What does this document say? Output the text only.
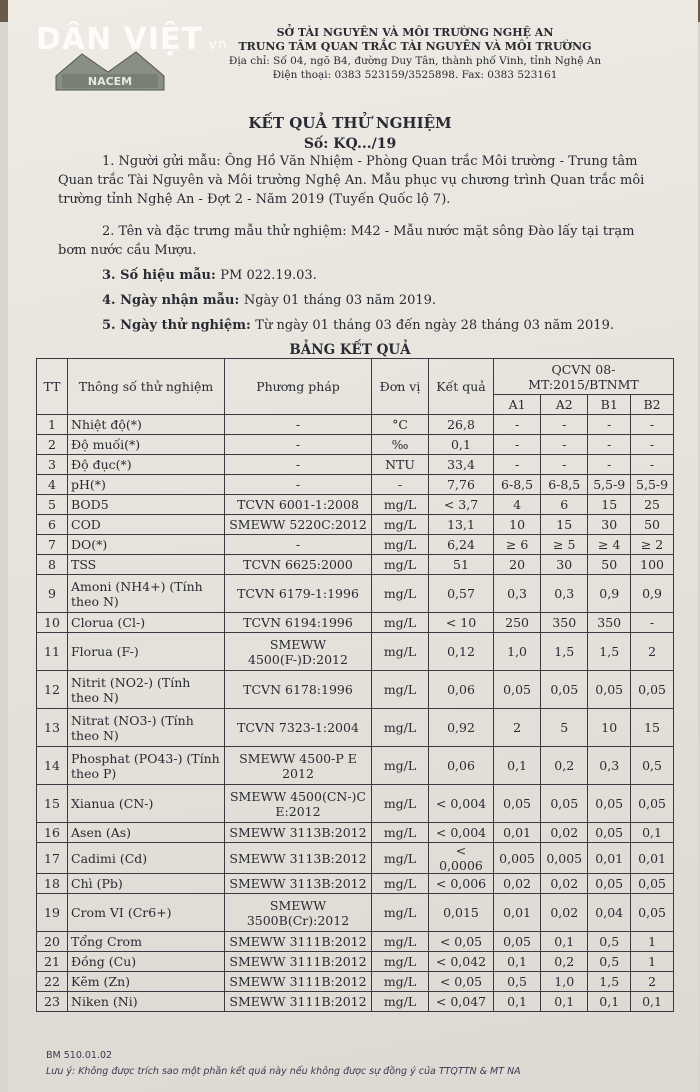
DÂN VIỆT.vn
NACEM
SỞ TÀI NGUYÊN VÀ MÔI TRƯỜNG NGHỆ AN
TRUNG TÂM QUAN TRẮC TÀI NGUYÊN VÀ MÔI TRƯỜNG
Địa chỉ: Số 04, ngõ B4, đường Duy Tân, thành phố Vinh, tỉnh Nghệ An
Điện thoại: 0383 523159/3525898. Fax: 0383 523161
KẾT QUẢ THỬ NGHIỆM
Số: KQ.../19
1. Người gửi mẫu: Ông Hồ Văn Nhiệm - Phòng Quan trắc Môi trường - Trung tâm Quan trắc Tài Nguyên và Môi trường Nghệ An. Mẫu phục vụ chương trình Quan trắc môi trường tỉnh Nghệ An - Đợt 2 - Năm 2019 (Tuyến Quốc lộ 7).
2. Tên và đặc trưng mẫu thử nghiệm: M42 - Mẫu nước mặt sông Đào lấy tại trạm bơm nước cầu Mượu.
3. Số hiệu mẫu: PM 022.19.03.
4. Ngày nhận mẫu: Ngày 01 tháng 03 năm 2019.
5. Ngày thử nghiệm: Từ ngày 01 tháng 03 đến ngày 28 tháng 03 năm 2019.
BẢNG KẾT QUẢ
TT	Thông số thử nghiệm	Phương pháp	Đơn vị	Kết quả	QCVN 08-MT:2015/BTNMT			
					A1	A2	B1	B2
1	Nhiệt độ(*)	-	°C	26,8	-	-	-	-
2	Độ muối(*)	-	‰	0,1	-	-	-	-
3	Độ đục(*)	-	NTU	33,4	-	-	-	-
4	pH(*)	-	-	7,76	6-8,5	6-8,5	5,5-9	5,5-9
5	BOD5	TCVN 6001-1:2008	mg/L	< 3,7	4	6	15	25
6	COD	SMEWW 5220C:2012	mg/L	13,1	10	15	30	50
7	DO(*)	-	mg/L	6,24	≥ 6	≥ 5	≥ 4	≥ 2
8	TSS	TCVN 6625:2000	mg/L	51	20	30	50	100
9	Amoni (NH4+) (Tính theo N)	TCVN 6179-1:1996	mg/L	0,57	0,3	0,3	0,9	0,9
10	Clorua (Cl-)	TCVN 6194:1996	mg/L	< 10	250	350	350	-
11	Florua (F-)	SMEWW 4500(F-)D:2012	mg/L	0,12	1,0	1,5	1,5	2
12	Nitrit (NO2-) (Tính theo N)	TCVN 6178:1996	mg/L	0,06	0,05	0,05	0,05	0,05
13	Nitrat (NO3-) (Tính theo N)	TCVN 7323-1:2004	mg/L	0,92	2	5	10	15
14	Phosphat (PO43-) (Tính theo P)	SMEWW 4500-P E 2012	mg/L	0,06	0,1	0,2	0,3	0,5
15	Xianua (CN-)	SMEWW 4500(CN-)C E:2012	mg/L	< 0,004	0,05	0,05	0,05	0,05
16	Asen (As)	SMEWW 3113B:2012	mg/L	< 0,004	0,01	0,02	0,05	0,1
17	Cadimi (Cd)	SMEWW 3113B:2012	mg/L	< 0,0006	0,005	0,005	0,01	0,01
18	Chì (Pb)	SMEWW 3113B:2012	mg/L	< 0,006	0,02	0,02	0,05	0,05
19	Crom VI (Cr6+)	SMEWW 3500B(Cr):2012	mg/L	0,015	0,01	0,02	0,04	0,05
20	Tổng Crom	SMEWW 3111B:2012	mg/L	< 0,05	0,05	0,1	0,5	1
21	Đồng (Cu)	SMEWW 3111B:2012	mg/L	< 0,042	0,1	0,2	0,5	1
22	Kẽm (Zn)	SMEWW 3111B:2012	mg/L	< 0,05	0,5	1,0	1,5	2
23	Niken (Ni)	SMEWW 3111B:2012	mg/L	< 0,047	0,1	0,1	0,1	0,1
BM 510.01.02
Lưu ý: Không được trích sao một phần kết quả này nếu không được sự đồng ý của TTQTTN & MT NA
